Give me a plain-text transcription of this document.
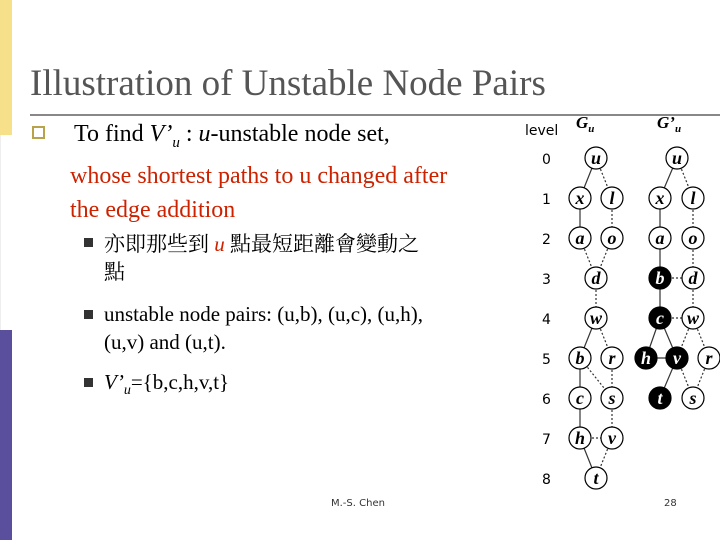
Illustration of Unstable Node Pairs
To find $V’_u$ : u-unstable node set,
whose shortest paths to u changed after
the edge addition
亦即那些到 u 點最短距離會變動之
點
unstable node pairs: (u,b), (u,c), (u,h),
(u,v) and (u,t).
$V’_u=\{b,c,h,v,t\}$
M.-S. Chen	28
level $G_u$	$G’_u$
0
1
2
3
4
5
6
7
8
u
x l
a o
d
w
b r
c s
h v
t
u
x l
a o
b d
c w
h v r
t s
